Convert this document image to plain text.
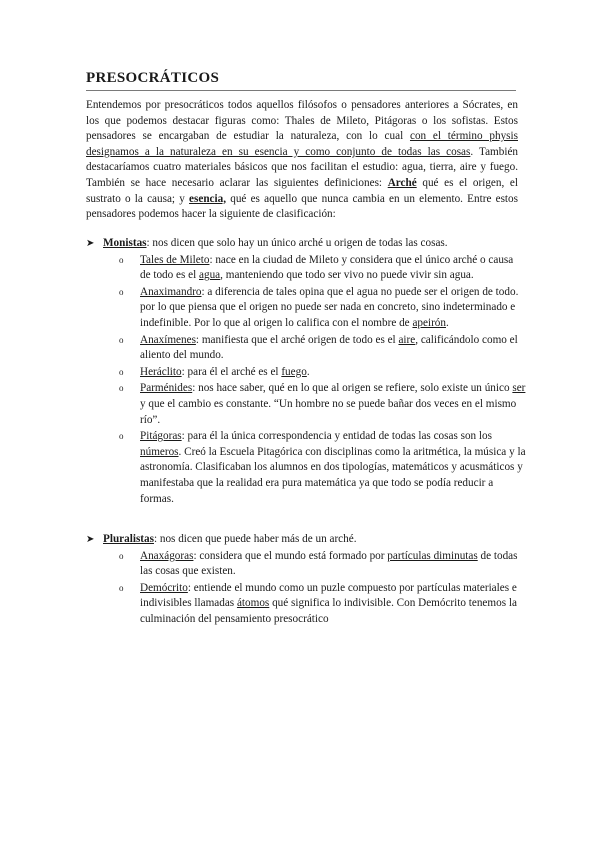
PRESOCRÁTICOS
Entendemos por presocráticos todos aquellos filósofos o pensadores anteriores a Sócrates, en los que podemos destacar figuras como: Thales de Mileto, Pitágoras o los sofistas. Estos pensadores se encargaban de estudiar la naturaleza, con lo cual con el término physis designamos a la naturaleza en su esencia y como conjunto de todas las cosas. También destacaríamos cuatro materiales básicos que nos facilitan el estudio: agua, tierra, aire y fuego. También se hace necesario aclarar las siguientes definiciones: Arché qué es el origen, el sustrato o la causa; y esencia, qué es aquello que nunca cambia en un elemento. Entre estos pensadores podemos hacer la siguiente de clasificación:
➤ Monistas: nos dicen que solo hay un único arché u origen de todas las cosas.
o Tales de Mileto: nace en la ciudad de Mileto y considera que el único arché o causa de todo es el agua, manteniendo que todo ser vivo no puede vivir sin agua.
o Anaximandro: a diferencia de tales opina que el agua no puede ser el origen de todo. por lo que piensa que el origen no puede ser nada en concreto, sino indeterminado e indefinible. Por lo que al origen lo califica con el nombre de apeirón.
o Anaxímenes: manifiesta que el arché origen de todo es el aire, calificándolo como el aliento del mundo.
o Heráclito: para él el arché es el fuego.
o Parménides: nos hace saber, qué en lo que al origen se refiere, solo existe un único ser y que el cambio es constante. “Un hombre no se puede bañar dos veces en el mismo río”.
o Pitágoras: para él la única correspondencia y entidad de todas las cosas son los números. Creó la Escuela Pitagórica con disciplinas como la aritmética, la música y la astronomía. Clasificaban los alumnos en dos tipologías, matemáticos y acusmáticos y manifestaba que la realidad era pura matemática ya que todo se podía reducir a formas.
➤ Pluralistas: nos dicen que puede haber más de un arché.
o Anaxágoras: considera que el mundo está formado por partículas diminutas de todas las cosas que existen.
o Demócrito: entiende el mundo como un puzle compuesto por partículas materiales e indivisibles llamadas átomos qué significa lo indivisible. Con Demócrito tenemos la culminación del pensamiento presocrático
